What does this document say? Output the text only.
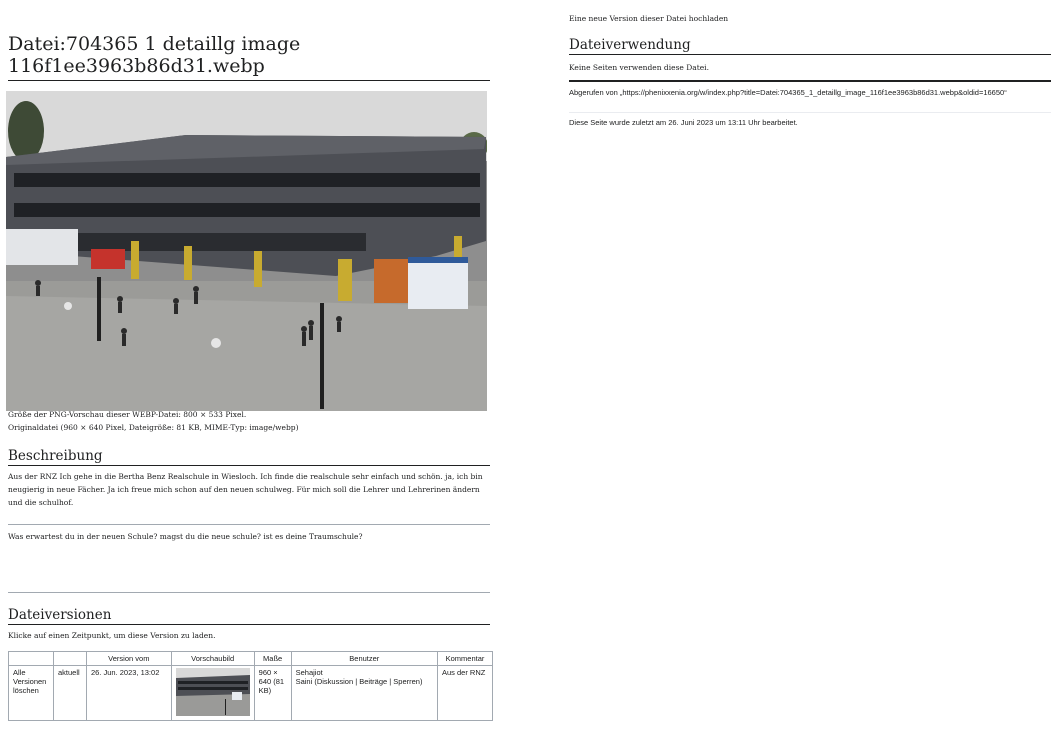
Datei:704365 1 detaillg image 116f1ee3963b86d31.webp

Größe der PNG-Vorschau dieser WEBP-Datei: 800 × 533 Pixel.

Originaldatei (960 × 640 Pixel, Dateigröße: 81 KB, MIME-Typ: image/webp)

Beschreibung

Aus der RNZ Ich gehe in die Bertha Benz Realschule in Wiesloch. Ich finde die realschule sehr einfach und schön. ja, ich bin neugierig in neue Fächer. Ja ich freue mich schon auf den neuen schulweg. Für mich soll die Lehrer und Lehrerinen ändern und die schulhof.

Was erwartest du in der neuen Schule? magst du die neue schule? ist es deine Traumschule?

Dateiversionen

Klicke auf einen Zeitpunkt, um diese Version zu laden.

		Version vom	Vorschaubild	Maße	Benutzer	Kommentar
Alle Versionen löschen	aktuell	26. Jun. 2023, 13:02		960 × 640 (81 KB)	Sehajiot
Saini (Diskussion | Beiträge | Sperren)	Aus der RNZ

Eine neue Version dieser Datei hochladen

Dateiverwendung

Keine Seiten verwenden diese Datei.

Abgerufen von „https://phenixxenia.org/w/index.php?title=Datei:704365_1_detaillg_image_116f1ee3963b86d31.webp&oldid=16650“

Diese Seite wurde zuletzt am 26. Juni 2023 um 13:11 Uhr bearbeitet.
